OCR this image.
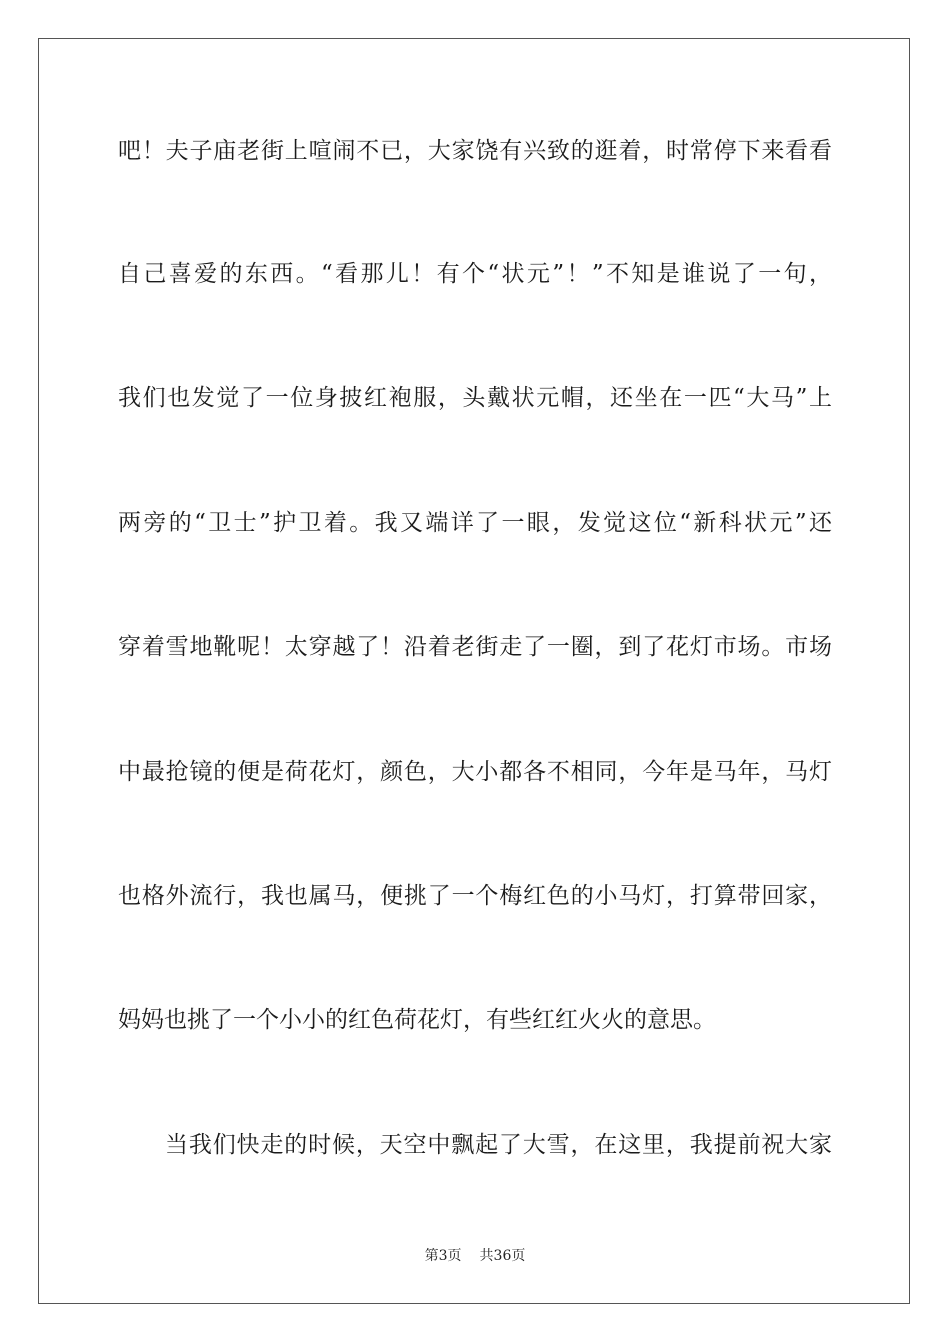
吧！夫子庙老街上喧闹不已，大家饶有兴致的逛着，时常停下来看看
自己喜爱的东西。“看那儿！有个“状元”！”不知是谁说了一句，
我们也发觉了一位身披红袍服，头戴状元帽，还坐在一匹“大马”上
两旁的“卫士”护卫着。我又端详了一眼，发觉这位“新科状元”还
穿着雪地靴呢！太穿越了！沿着老街走了一圈，到了花灯市场。市场
中最抢镜的便是荷花灯，颜色，大小都各不相同，今年是马年，马灯
也格外流行，我也属马，便挑了一个梅红色的小马灯，打算带回家，
妈妈也挑了一个小小的红色荷花灯，有些红红火火的意思。
当我们快走的时候，天空中飘起了大雪，在这里，我提前祝大家
第3页 共36页
